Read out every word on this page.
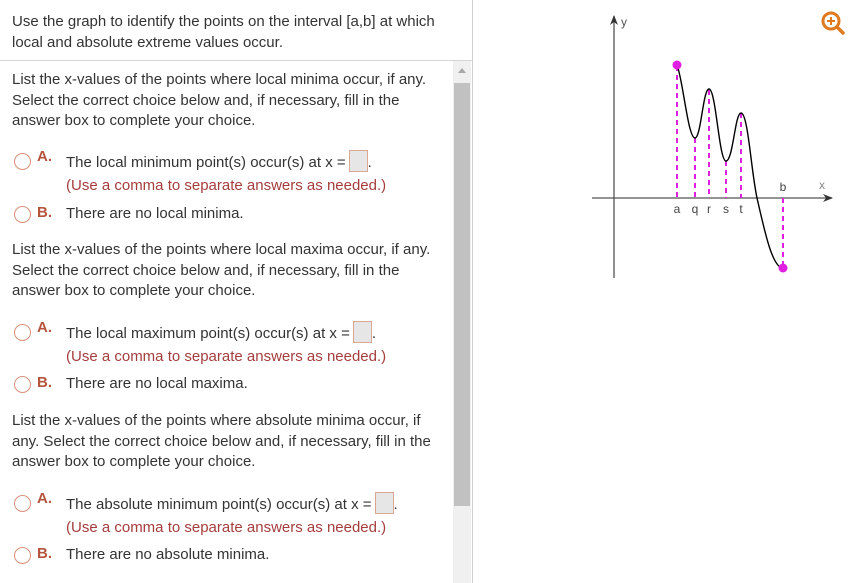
Use the graph to identify the points on the interval [a,b] at which local and absolute extreme values occur.

List the x-values of the points where local minima occur, if any. Select the correct choice below and, if necessary, fill in the answer box to complete your choice.

A. The local minimum point(s) occur(s) at x = .
(Use a comma to separate answers as needed.)
B. There are no local minima.

List the x-values of the points where local maxima occur, if any. Select the correct choice below and, if necessary, fill in the answer box to complete your choice.

A. The local maximum point(s) occur(s) at x = .
(Use a comma to separate answers as needed.)
B. There are no local maxima.

List the x-values of the points where absolute minima occur, if any. Select the correct choice below and, if necessary, fill in the answer box to complete your choice.

A. The absolute minimum point(s) occur(s) at x = .
(Use a comma to separate answers as needed.)
B. There are no absolute minima.
y
x
a q r s t
b
